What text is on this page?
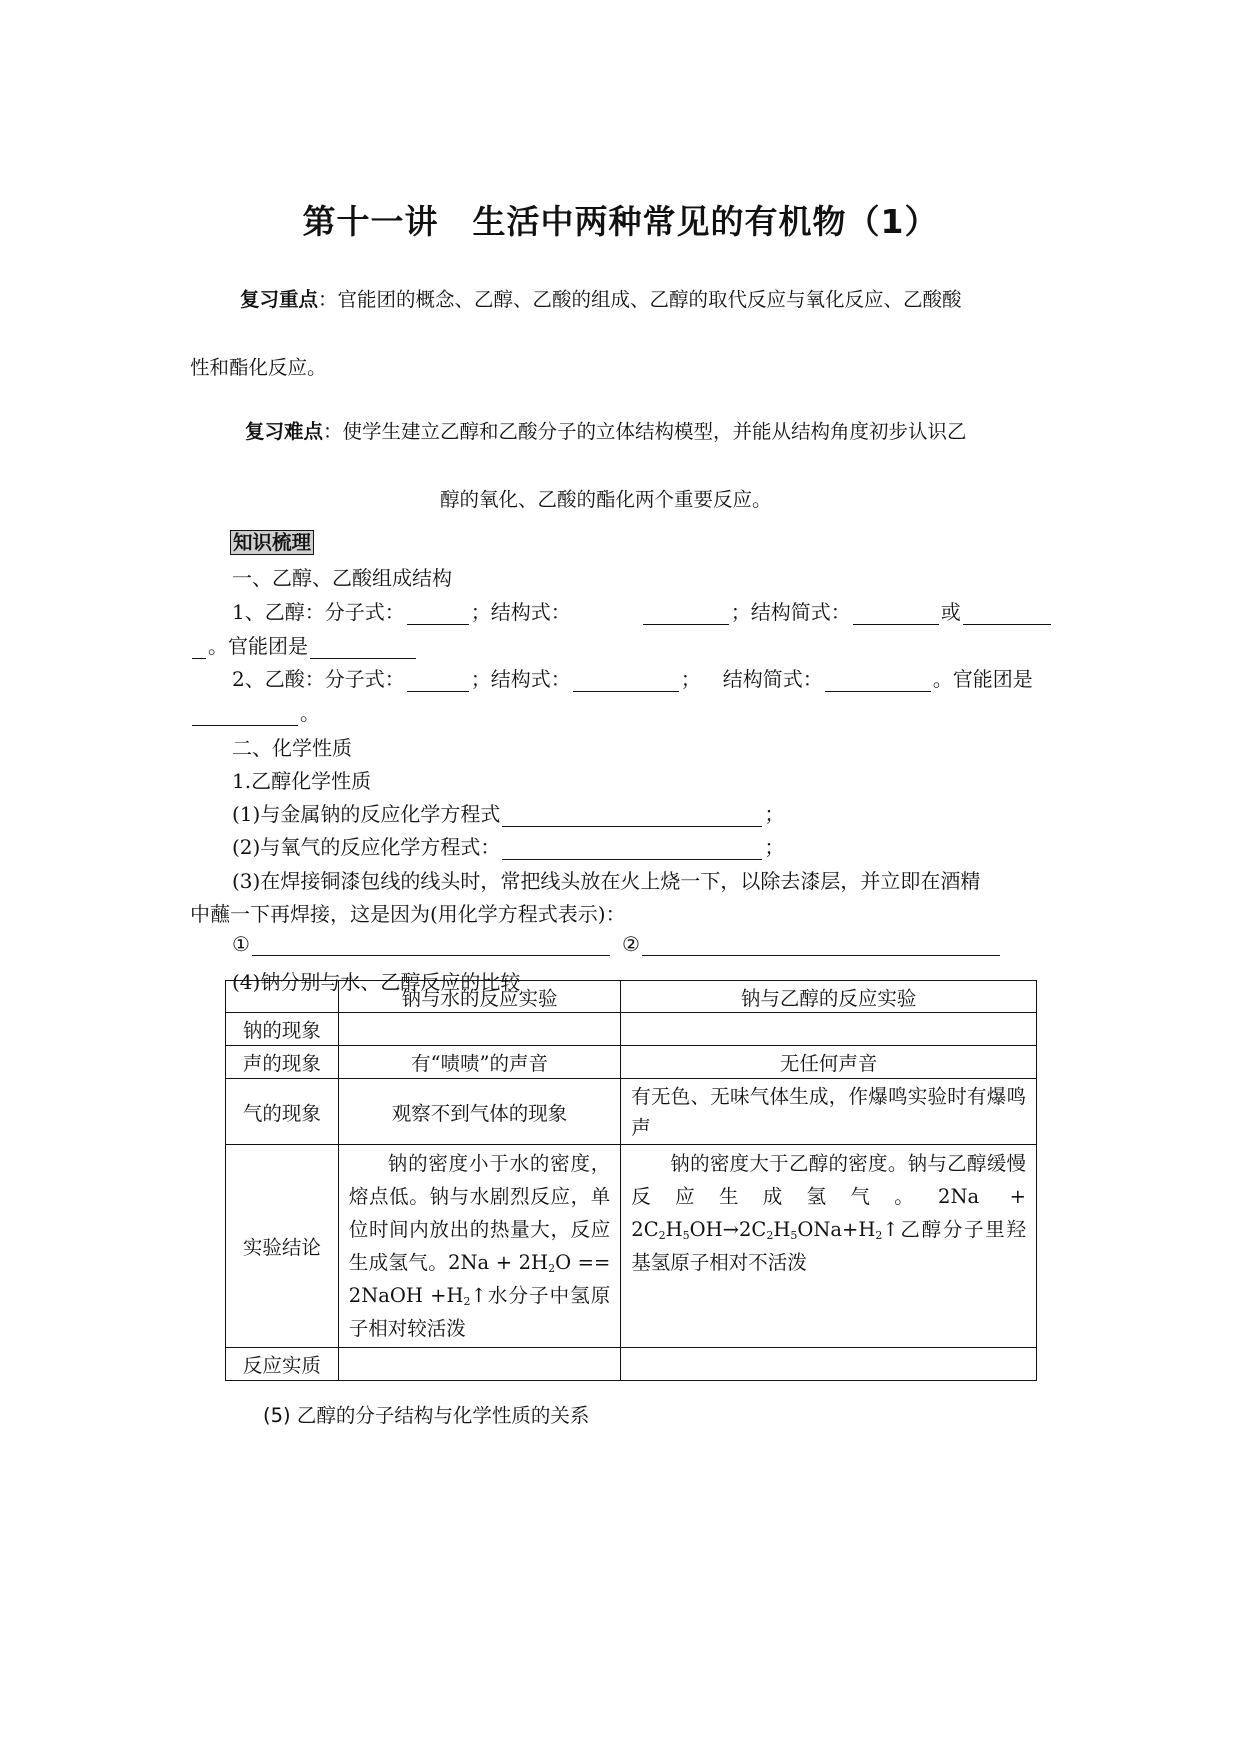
第十一讲　生活中两种常见的有机物（1）
复习重点：官能团的概念、乙醇、乙酸的组成、乙醇的取代反应与氧化反应、乙酸酸
性和酯化反应。
复习难点：使学生建立乙醇和乙酸分子的立体结构模型，并能从结构角度初步认识乙
醇的氧化、乙酸的酯化两个重要反应。
知识梳理
一、乙醇、乙酸组成结构
1、乙醇：分子式：	；结构式：	；结构简式：	或
。官能团是
2、乙酸：分子式：	；结构式：	； 结构简式：	。官能团是
。
二、化学性质
1.乙醇化学性质
(1)与金属钠的反应化学方程式	；
(2)与氧气的反应化学方程式：	；
(3)在焊接铜漆包线的线头时，常把线头放在火上烧一下，以除去漆层，并立即在酒精
中蘸一下再焊接，这是因为(用化学方程式表示)：
①	②
(4)钠分别与水、乙醇反应的比较
	钠与水的反应实验	钠与乙醇的反应实验
钠的现象		
声的现象	有“啧啧”的声音	无任何声音
气的现象	观察不到气体的现象	有无色、无味气体生成，作爆鸣实验时有爆鸣声
实验结论	钠的密度小于水的密度，熔点低。钠与水剧烈反应，单位时间内放出的热量大，反应生成氢气。$2Na + 2H_2O$ == 2NaOH $+H_2↑$水分子中氢原子相对较活泼	钠的密度大于乙醇的密度。钠与乙醇缓慢反应生成氢气。$2Na + 2C_2H_5OH\to 2C_2H_5ONa+H_2↑$乙醇分子里羟基氢原子相对不活泼
反应实质		
(5) 乙醇的分子结构与化学性质的关系
